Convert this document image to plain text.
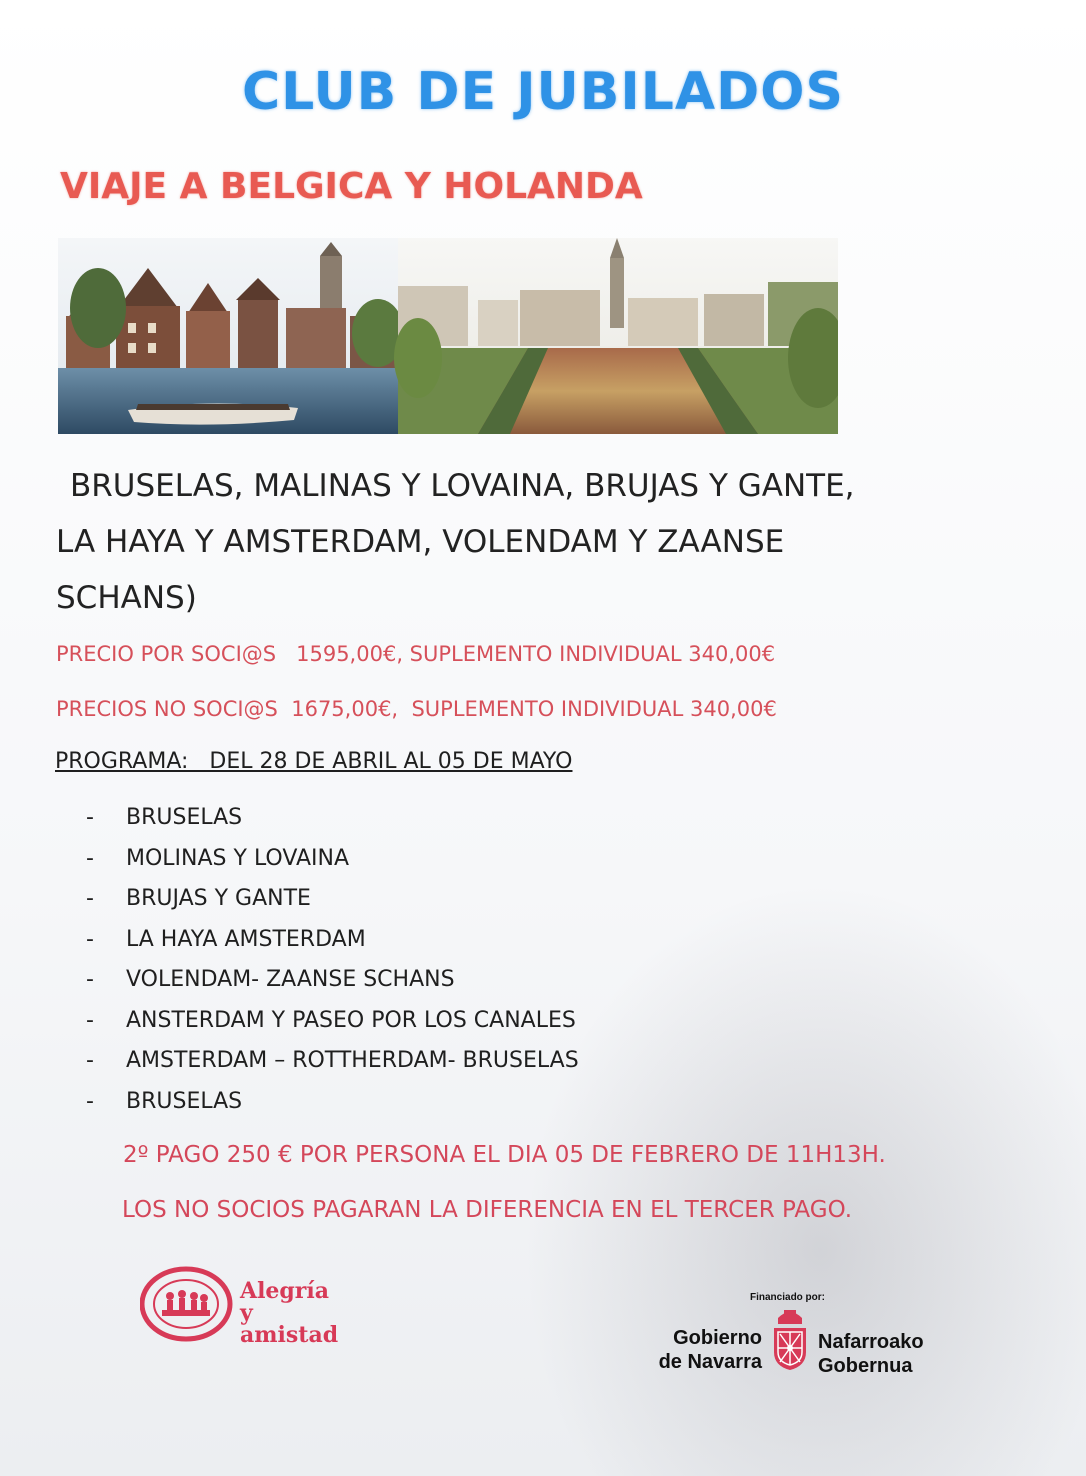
CLUB DE JUBILADOS
VIAJE A BELGICA Y HOLANDA
BRUSELAS, MALINAS Y LOVAINA, BRUJAS Y GANTE,
LA HAYA Y AMSTERDAM, VOLENDAM Y ZAANSE
SCHANS)
PRECIO POR SOCI@S   1595,00€, SUPLEMENTO INDIVIDUAL 340,00€
PRECIOS NO SOCI@S  1675,00€,  SUPLEMENTO INDIVIDUAL 340,00€
PROGRAMA:   DEL 28 DE ABRIL AL 05 DE MAYO
- BRUSELAS
- MOLINAS Y LOVAINA
- BRUJAS Y GANTE
- LA HAYA AMSTERDAM
- VOLENDAM- ZAANSE SCHANS
- ANSTERDAM Y PASEO POR LOS CANALES
- AMSTERDAM – ROTTHERDAM- BRUSELAS
- BRUSELAS
2º PAGO 250 € POR PERSONA EL DIA 05 DE FEBRERO DE 11H13H.
LOS NO SOCIOS PAGARAN LA DIFERENCIA EN EL TERCER PAGO.
Alegría
y amistad
Financiado por:
Gobierno
de Navarra
Nafarroako
Gobernua
